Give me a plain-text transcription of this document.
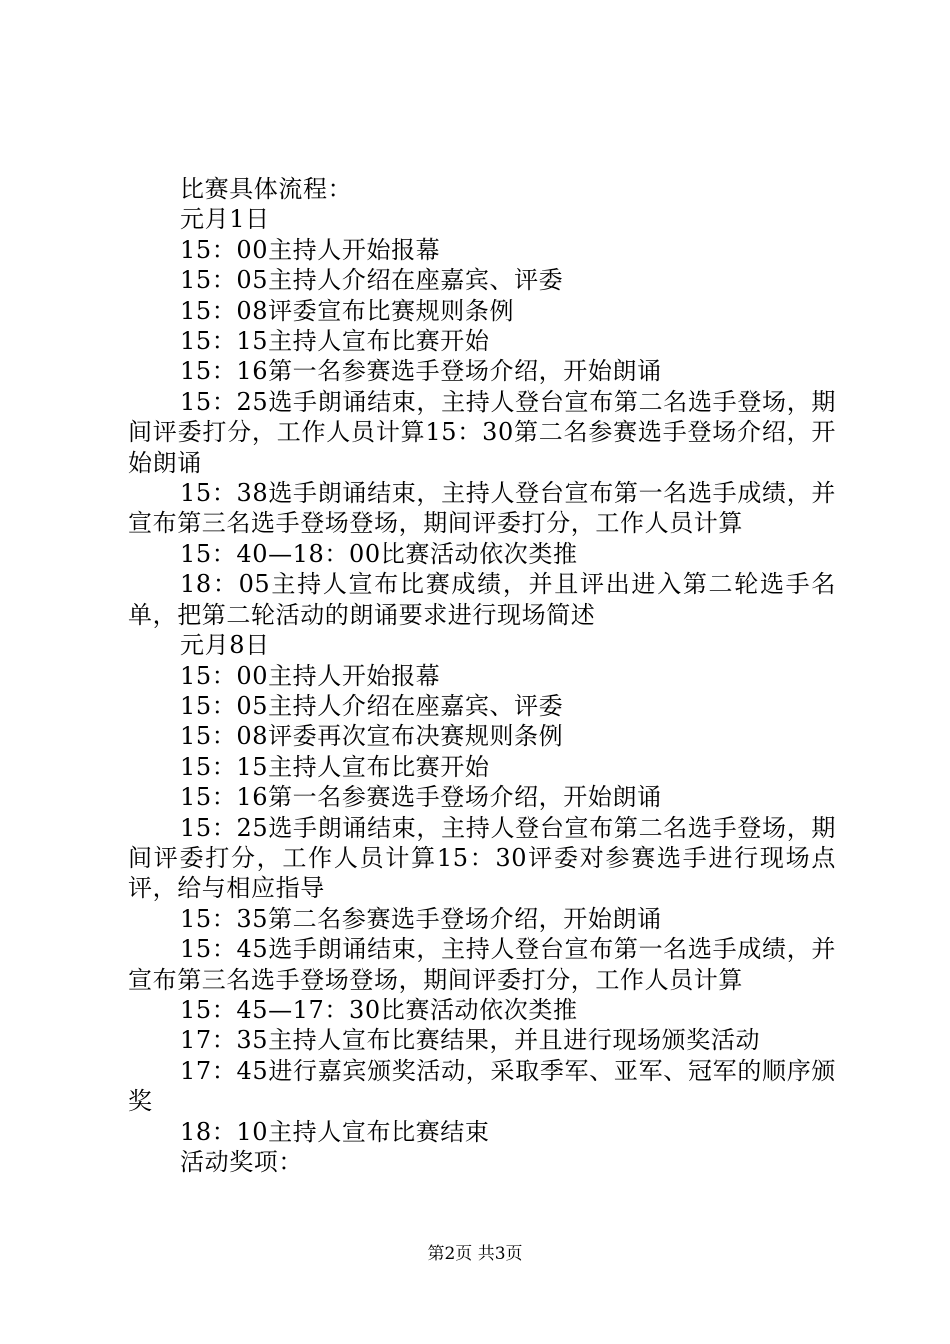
比赛具体流程：

元月1日

15：00主持人开始报幕

15：05主持人介绍在座嘉宾、评委

15：08评委宣布比赛规则条例

15：15主持人宣布比赛开始

15：16第一名参赛选手登场介绍，开始朗诵

15：25选手朗诵结束，主持人登台宣布第二名选手登场，期间评委打分，工作人员计算15：30第二名参赛选手登场介绍，开始朗诵

15：38选手朗诵结束，主持人登台宣布第一名选手成绩，并宣布第三名选手登场登场，期间评委打分，工作人员计算

15：40—18：00比赛活动依次类推

18：05主持人宣布比赛成绩，并且评出进入第二轮选手名单，把第二轮活动的朗诵要求进行现场简述

元月8日

15：00主持人开始报幕

15：05主持人介绍在座嘉宾、评委

15：08评委再次宣布决赛规则条例

15：15主持人宣布比赛开始

15：16第一名参赛选手登场介绍，开始朗诵

15：25选手朗诵结束，主持人登台宣布第二名选手登场，期间评委打分，工作人员计算15：30评委对参赛选手进行现场点评，给与相应指导

15：35第二名参赛选手登场介绍，开始朗诵

15：45选手朗诵结束，主持人登台宣布第一名选手成绩，并宣布第三名选手登场登场，期间评委打分，工作人员计算

15：45—17：30比赛活动依次类推

17：35主持人宣布比赛结果，并且进行现场颁奖活动

17：45进行嘉宾颁奖活动，采取季军、亚军、冠军的顺序颁奖

18：10主持人宣布比赛结束

活动奖项：

第2页 共3页
